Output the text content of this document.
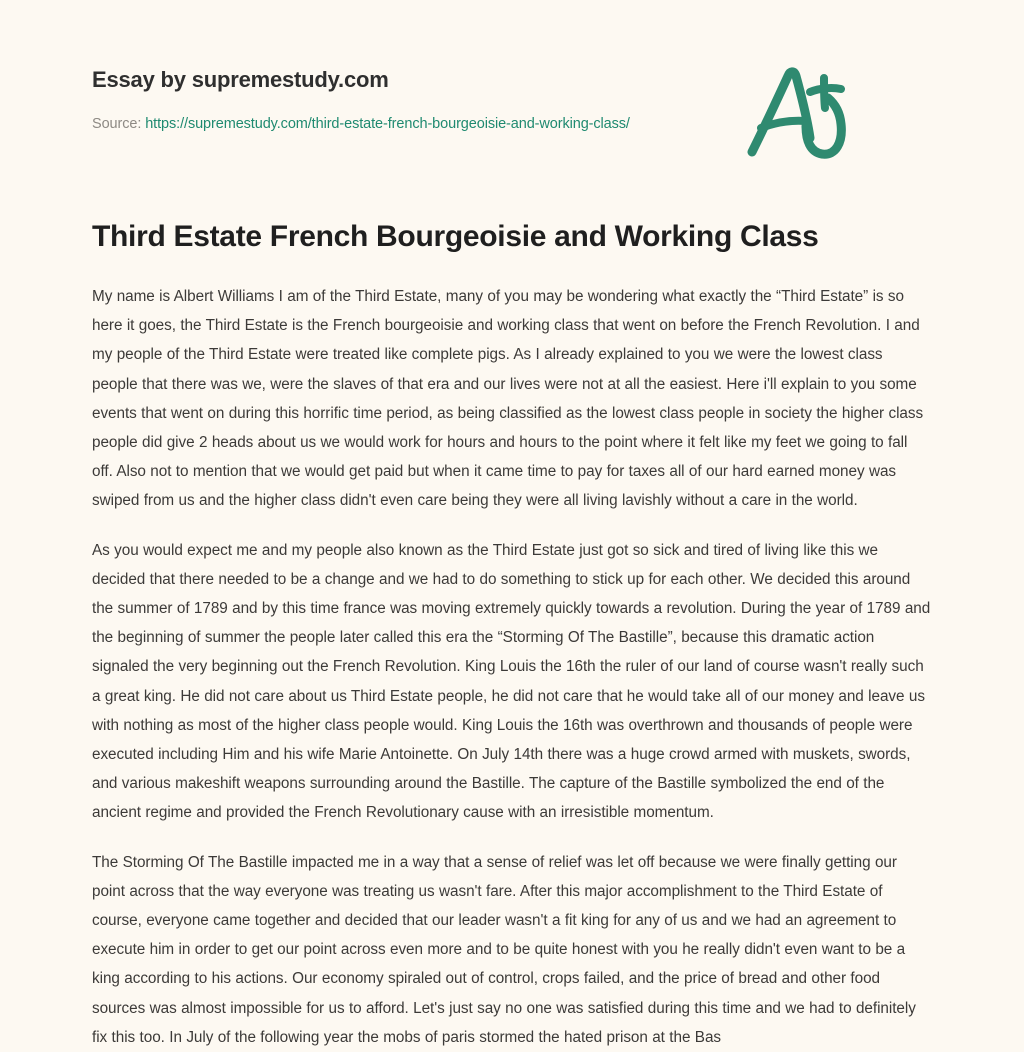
Essay by supremestudy.com
Source: https://supremestudy.com/third-estate-french-bourgeoisie-and-working-class/
Third Estate French Bourgeoisie and Working Class

My name is Albert Williams I am of the Third Estate, many of you may be wondering what exactly the “Third Estate” is so here it goes, the Third Estate is the French bourgeoisie and working class that went on before the French Revolution. I and my people of the Third Estate were treated like complete pigs. As I already explained to you we were the lowest class people that there was we, were the slaves of that era and our lives were not at all the easiest. Here i'll explain to you some events that went on during this horrific time period, as being classified as the lowest class people in society the higher class people did give 2 heads about us we would work for hours and hours to the point where it felt like my feet we going to fall off. Also not to mention that we would get paid but when it came time to pay for taxes all of our hard earned money was swiped from us and the higher class didn't even care being they were all living lavishly without a care in the world.

As you would expect me and my people also known as the Third Estate just got so sick and tired of living like this we decided that there needed to be a change and we had to do something to stick up for each other. We decided this around the summer of 1789 and by this time france was moving extremely quickly towards a revolution. During the year of 1789 and the beginning of summer the people later called this era the “Storming Of The Bastille”, because this dramatic action signaled the very beginning out the French Revolution. King Louis the 16th the ruler of our land of course wasn't really such a great king. He did not care about us Third Estate people, he did not care that he would take all of our money and leave us with nothing as most of the higher class people would. King Louis the 16th was overthrown and thousands of people were executed including Him and his wife Marie Antoinette. On July 14th there was a huge crowd armed with muskets, swords, and various makeshift weapons surrounding around the Bastille. The capture of the Bastille symbolized the end of the ancient regime and provided the French Revolutionary cause with an irresistible momentum.

The Storming Of The Bastille impacted me in a way that a sense of relief was let off because we were finally getting our point across that the way everyone was treating us wasn't fare. After this major accomplishment to the Third Estate of course, everyone came together and decided that our leader wasn't a fit king for any of us and we had an agreement to execute him in order to get our point across even more and to be quite honest with you he really didn't even want to be a king according to his actions. Our economy spiraled out of control, crops failed, and the price of bread and other food sources was almost impossible for us to afford. Let's just say no one was satisfied during this time and we had to definitely fix this too. In July of the following year the mobs of paris stormed the hated prison at the Bas
